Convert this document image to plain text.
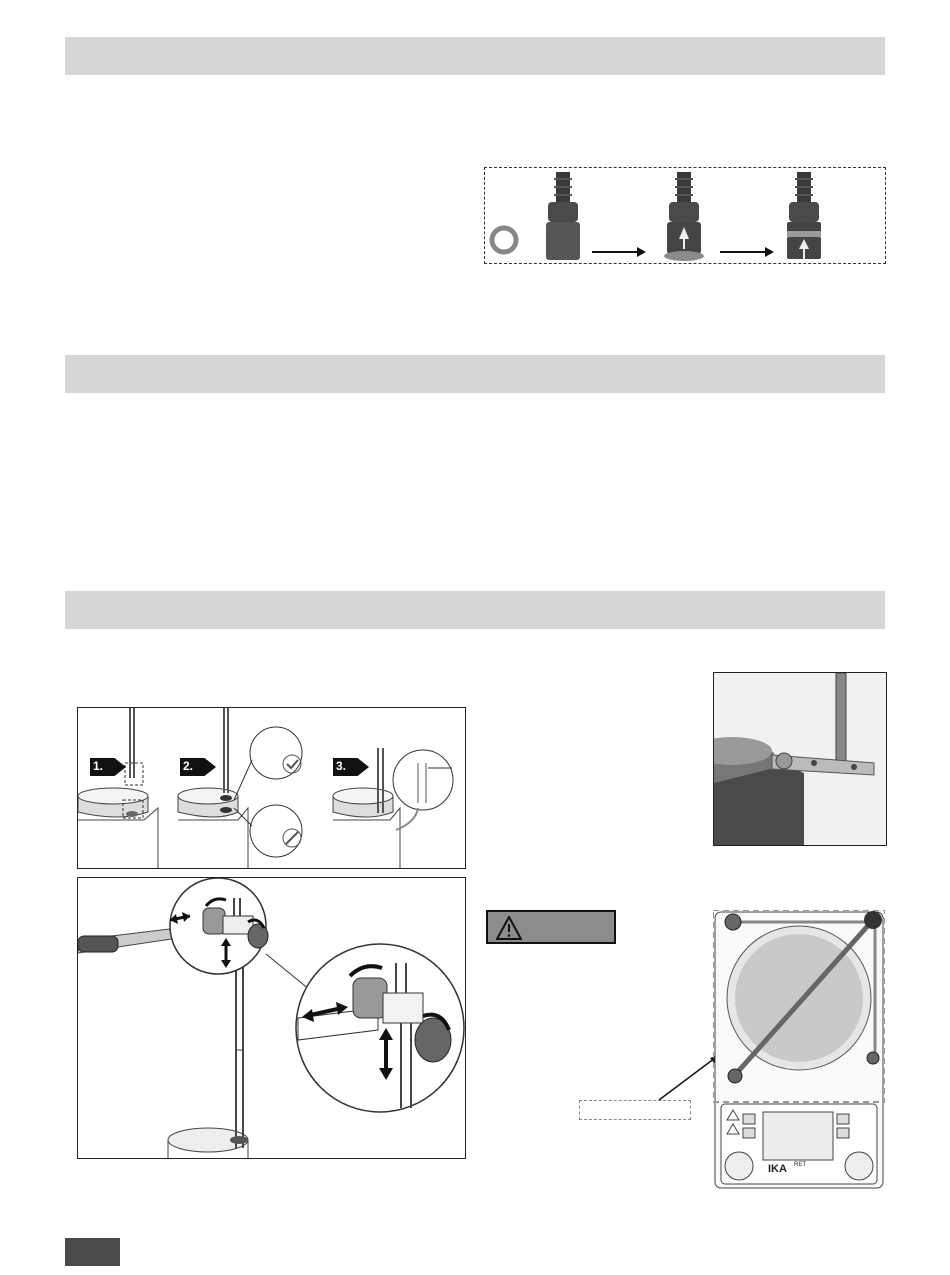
1.	2.	3.
IKA RET
